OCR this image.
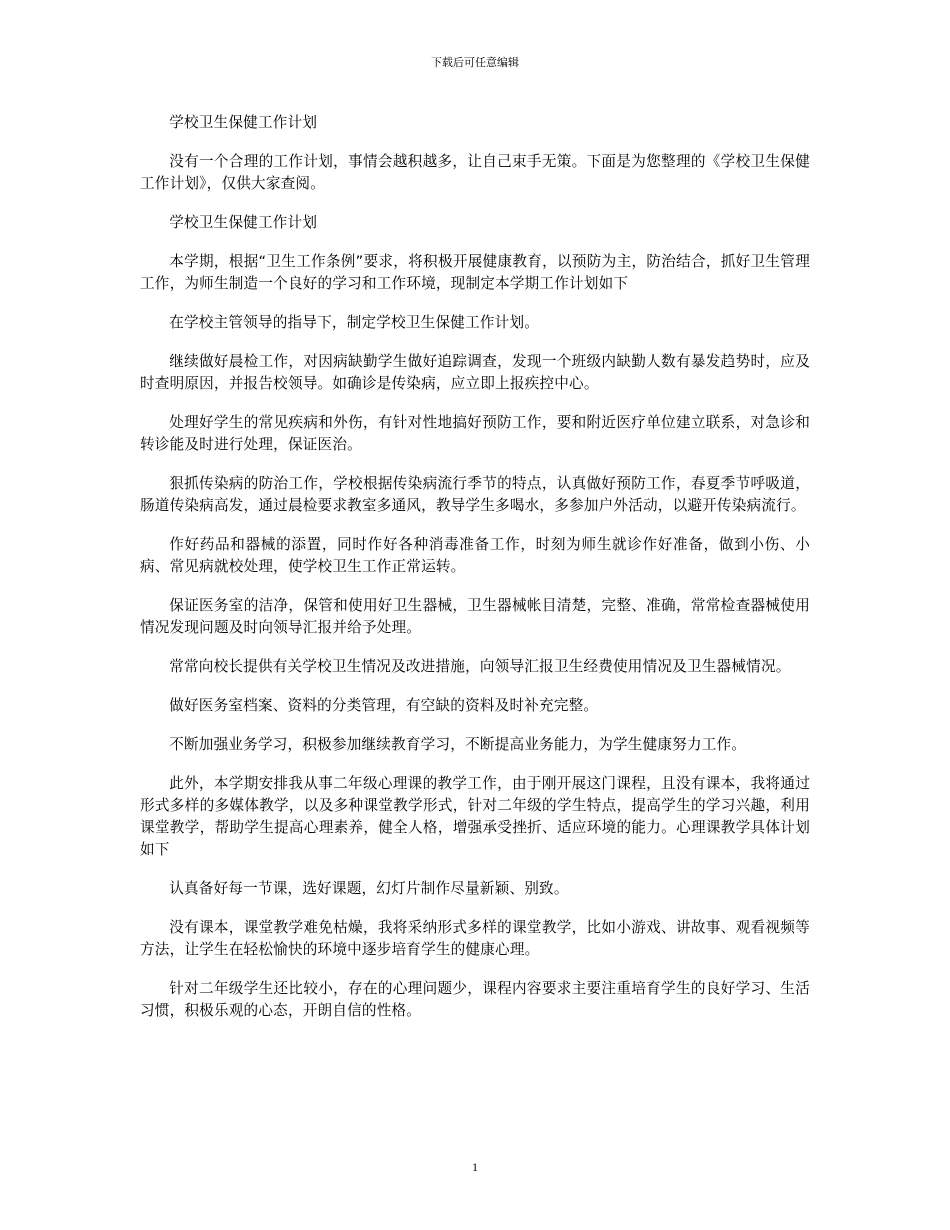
下载后可任意编辑

学校卫生保健工作计划

没有一个合理的工作计划，事情会越积越多，让自己束手无策。下面是为您整理的《学校卫生保健工作计划》，仅供大家查阅。

学校卫生保健工作计划

本学期，根据“卫生工作条例”要求，将积极开展健康教育，以预防为主，防治结合，抓好卫生管理工作，为师生制造一个良好的学习和工作环境，现制定本学期工作计划如下

在学校主管领导的指导下，制定学校卫生保健工作计划。

继续做好晨检工作，对因病缺勤学生做好追踪调查，发现一个班级内缺勤人数有暴发趋势时，应及时查明原因，并报告校领导。如确诊是传染病，应立即上报疾控中心。

处理好学生的常见疾病和外伤，有针对性地搞好预防工作，要和附近医疗单位建立联系，对急诊和转诊能及时进行处理，保证医治。

狠抓传染病的防治工作，学校根据传染病流行季节的特点，认真做好预防工作，春夏季节呼吸道，肠道传染病高发，通过晨检要求教室多通风，教导学生多喝水，多参加户外活动，以避开传染病流行。

作好药品和器械的添置，同时作好各种消毒准备工作，时刻为师生就诊作好准备，做到小伤、小病、常见病就校处理，使学校卫生工作正常运转。

保证医务室的洁净，保管和使用好卫生器械，卫生器械帐目清楚，完整、准确，常常检查器械使用情况发现问题及时向领导汇报并给予处理。

常常向校长提供有关学校卫生情况及改进措施，向领导汇报卫生经费使用情况及卫生器械情况。

做好医务室档案、资料的分类管理，有空缺的资料及时补充完整。

不断加强业务学习，积极参加继续教育学习，不断提高业务能力，为学生健康努力工作。

此外，本学期安排我从事二年级心理课的教学工作，由于刚开展这门课程，且没有课本，我将通过形式多样的多媒体教学，以及多种课堂教学形式，针对二年级的学生特点，提高学生的学习兴趣，利用课堂教学，帮助学生提高心理素养，健全人格，增强承受挫折、适应环境的能力。心理课教学具体计划如下

认真备好每一节课，选好课题，幻灯片制作尽量新颖、别致。

没有课本，课堂教学难免枯燥，我将采纳形式多样的课堂教学，比如小游戏、讲故事、观看视频等方法，让学生在轻松愉快的环境中逐步培育学生的健康心理。

针对二年级学生还比较小，存在的心理问题少，课程内容要求主要注重培育学生的良好学习、生活习惯，积极乐观的心态，开朗自信的性格。

1
